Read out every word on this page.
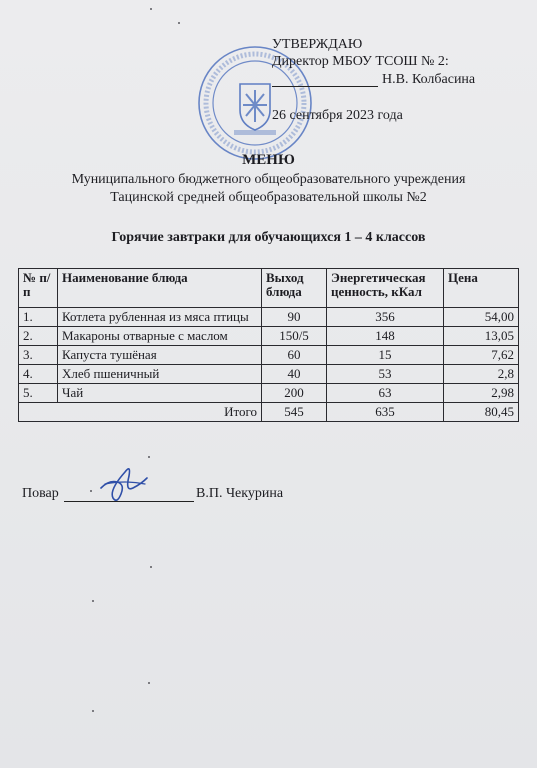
УТВЕРЖДАЮ
Директор МБОУ ТСОШ № 2:
Н.В. Колбасина
26 сентября 2023 года
МЕНЮ
Муниципального бюджетного общеобразовательного учреждения
Тацинской средней общеобразовательной школы №2
Горячие завтраки для обучающихся 1 – 4 классов
№ п/п	Наименование блюда	Выход блюда	Энергетическая ценность, кКал	Цена
1.	Котлета рубленная из мяса птицы	90	356	54,00
2.	Макароны отварные с маслом	150/5	148	13,05
3.	Капуста тушёная	60	15	7,62
4.	Хлеб пшеничный	40	53	2,8
5.	Чай	200	63	2,98
Итого		545	635	80,45
Повар	В.П. Чекурина
